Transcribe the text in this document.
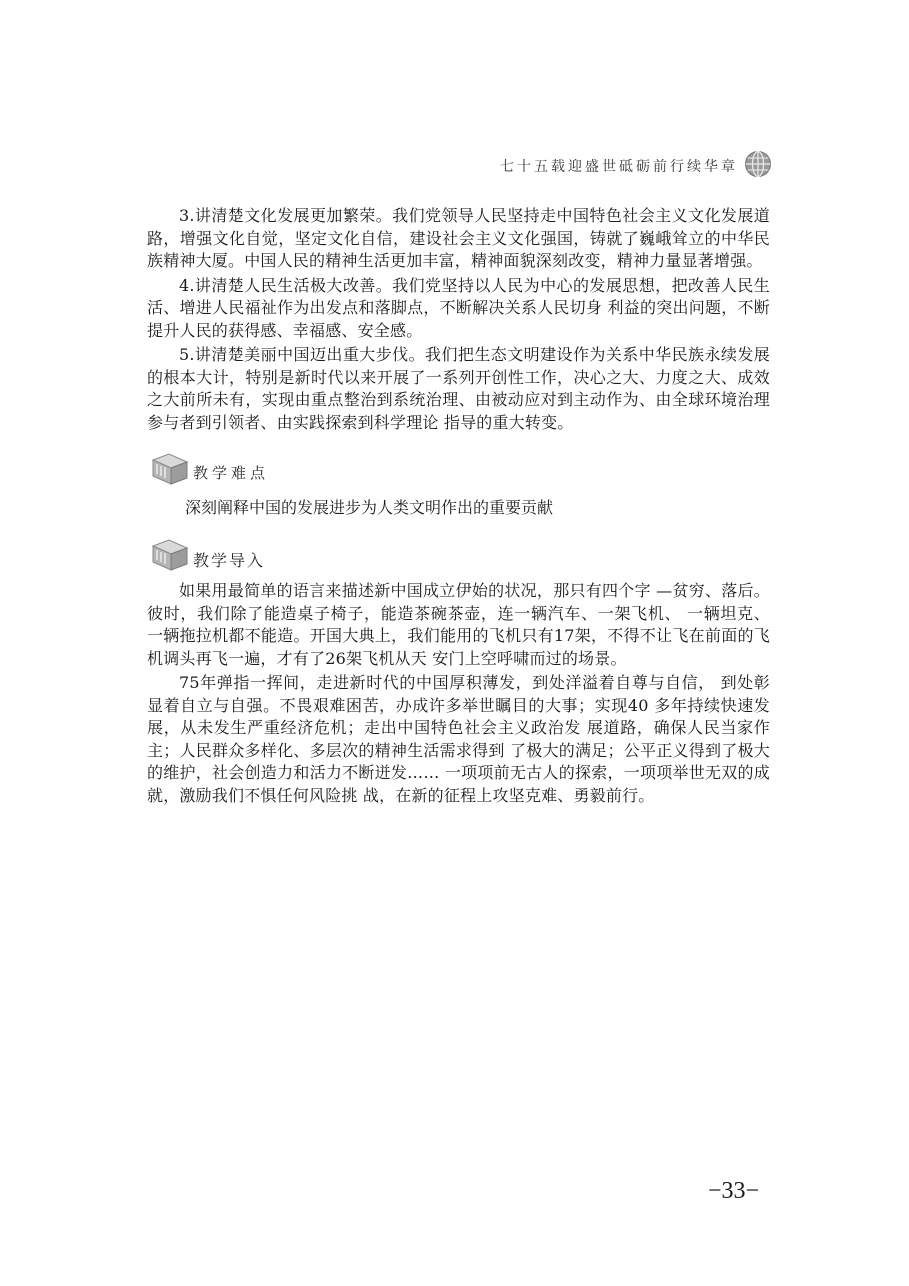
七十五载迎盛世砥砺前行续华章

3.讲清楚文化发展更加繁荣。我们党领导人民坚持走中国特色社会主义文化发展道路，增强文化自觉，坚定文化自信，建设社会主义文化强国，铸就了巍峨耸立的中华民族精神大厦。中国人民的精神生活更加丰富，精神面貌深刻改变，精神力量显著增强。

4.讲清楚人民生活极大改善。我们党坚持以人民为中心的发展思想，把改善人民生活、增进人民福祉作为出发点和落脚点，不断解决关系人民切身 利益的突出问题，不断提升人民的获得感、幸福感、安全感。

5.讲清楚美丽中国迈出重大步伐。我们把生态文明建设作为关系中华民族永续发展的根本大计，特别是新时代以来开展了一系列开创性工作，决心之大、力度之大、成效之大前所未有，实现由重点整治到系统治理、由被动应对到主动作为、由全球环境治理参与者到引领者、由实践探索到科学理论 指导的重大转变。

教学难点
深刻阐释中国的发展进步为人类文明作出的重要贡献
教学导入

如果用最简单的语言来描述新中国成立伊始的状况，那只有四个字 —贫穷、落后。彼时，我们除了能造桌子椅子，能造茶碗茶壶，连一辆汽车、一架飞机、 一辆坦克、 一辆拖拉机都不能造。开国大典上，我们能用的飞机只有17架，不得不让飞在前面的飞机调头再飞一遍，才有了26架飞机从天 安门上空呼啸而过的场景。

75年弹指一挥间，走进新时代的中国厚积薄发，到处洋溢着自尊与自信， 到处彰显着自立与自强。不畏艰难困苦，办成许多举世瞩目的大事；实现40 多年持续快速发展，从未发生严重经济危机；走出中国特色社会主义政治发 展道路，确保人民当家作主；人民群众多样化、多层次的精神生活需求得到 了极大的满足；公平正义得到了极大的维护，社会创造力和活力不断迸发…… 一项项前无古人的探索，一项项举世无双的成就，激励我们不惧任何风险挑 战，在新的征程上攻坚克难、勇毅前行。

−33−
